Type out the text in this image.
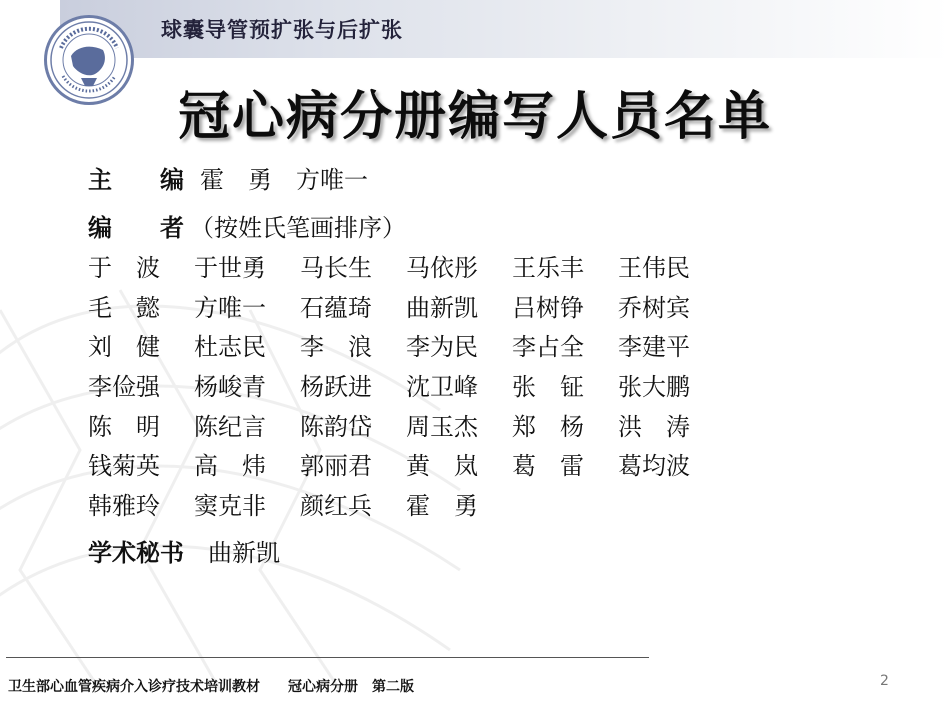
球囊导管预扩张与后扩张
冠心病分册编写人员名单
主　　编 霍　勇 方唯一
编　　者 （按姓氏笔画排序）
于　波 于世勇 马长生 马依彤 王乐丰 王伟民
毛　懿 方唯一 石蕴琦 曲新凯 吕树铮 乔树宾
刘　健 杜志民 李　浪 李为民 李占全 李建平
李俭强 杨峻青 杨跃进 沈卫峰 张　钲 张大鹏
陈　明 陈纪言 陈韵岱 周玉杰 郑　杨 洪　涛
钱菊英 高　炜 郭丽君 黄　岚 葛　雷 葛均波
韩雅玲 窦克非 颜红兵 霍　勇
学术秘书 曲新凯
卫生部心血管疾病介入诊疗技术培训教材　　冠心病分册　第二版	2
